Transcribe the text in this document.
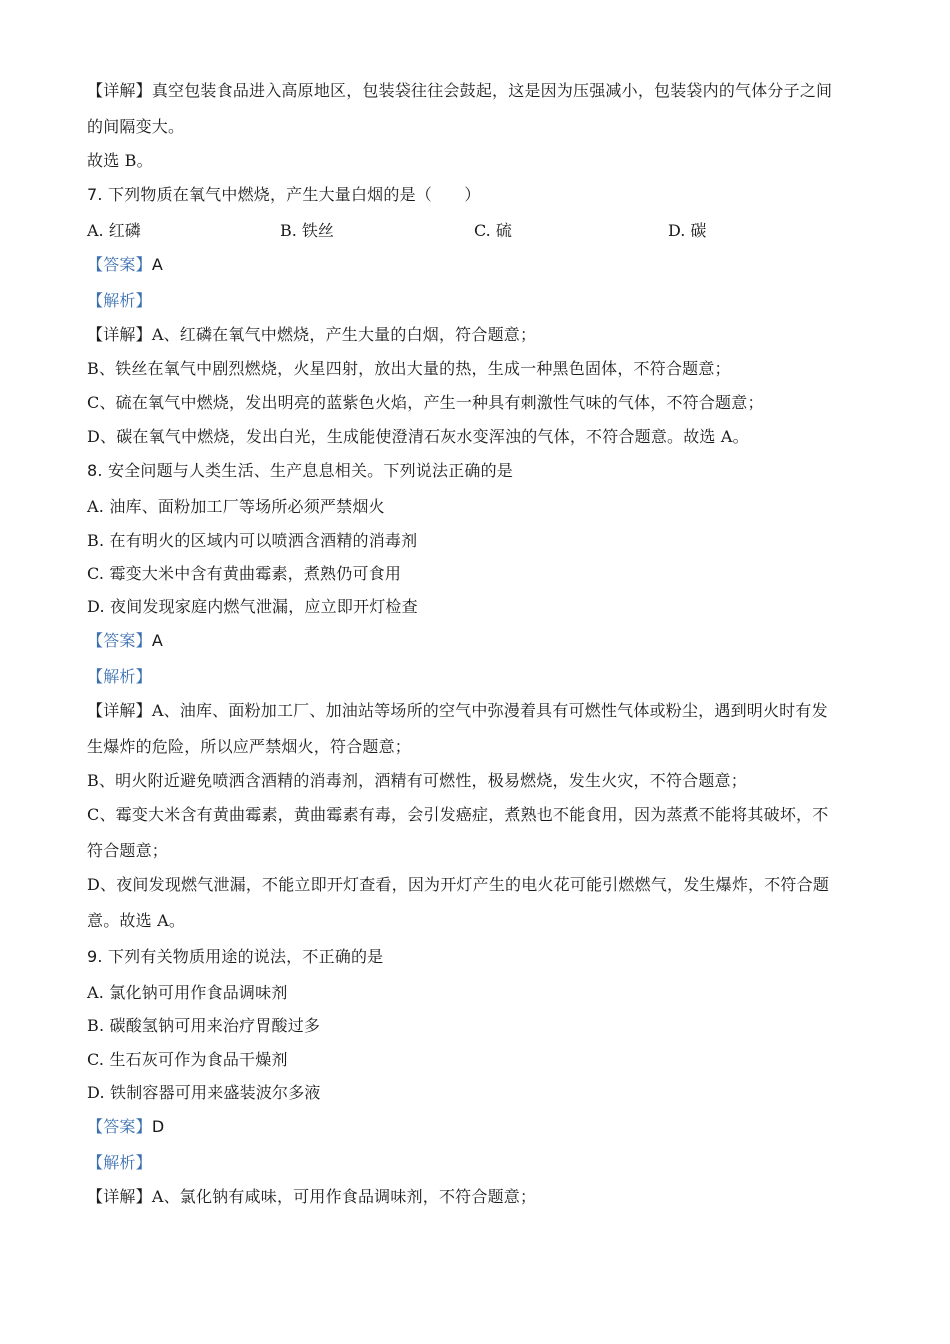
【详解】真空包装食品进入高原地区，包装袋往往会鼓起，这是因为压强减小，包装袋内的气体分子之间
的间隔变大。
故选 B。
7. 下列物质在氧气中燃烧，产生大量白烟的是（　　）
A. 红磷	B. 铁丝	C. 硫	D. 碳
【答案】A
【解析】
【详解】A、红磷在氧气中燃烧，产生大量的白烟，符合题意；
B、铁丝在氧气中剧烈燃烧，火星四射，放出大量的热，生成一种黑色固体，不符合题意；
C、硫在氧气中燃烧，发出明亮的蓝紫色火焰，产生一种具有刺激性气味的气体，不符合题意；
D、碳在氧气中燃烧，发出白光，生成能使澄清石灰水变浑浊的气体，不符合题意。故选 A。
8. 安全问题与人类生活、生产息息相关。下列说法正确的是
A. 油库、面粉加工厂等场所必须严禁烟火
B. 在有明火的区域内可以喷洒含酒精的消毒剂
C. 霉变大米中含有黄曲霉素，煮熟仍可食用
D. 夜间发现家庭内燃气泄漏，应立即开灯检查
【答案】A
【解析】
【详解】A、油库、面粉加工厂、加油站等场所的空气中弥漫着具有可燃性气体或粉尘，遇到明火时有发
生爆炸的危险，所以应严禁烟火，符合题意；
B、明火附近避免喷洒含酒精的消毒剂，酒精有可燃性，极易燃烧，发生火灾，不符合题意；
C、霉变大米含有黄曲霉素，黄曲霉素有毒，会引发癌症，煮熟也不能食用，因为蒸煮不能将其破坏，不
符合题意；
D、夜间发现燃气泄漏，不能立即开灯查看，因为开灯产生的电火花可能引燃燃气，发生爆炸，不符合题
意。故选 A。
9. 下列有关物质用途的说法，不正确的是
A. 氯化钠可用作食品调味剂
B. 碳酸氢钠可用来治疗胃酸过多
C. 生石灰可作为食品干燥剂
D. 铁制容器可用来盛装波尔多液
【答案】D
【解析】
【详解】A、氯化钠有咸味，可用作食品调味剂，不符合题意；
